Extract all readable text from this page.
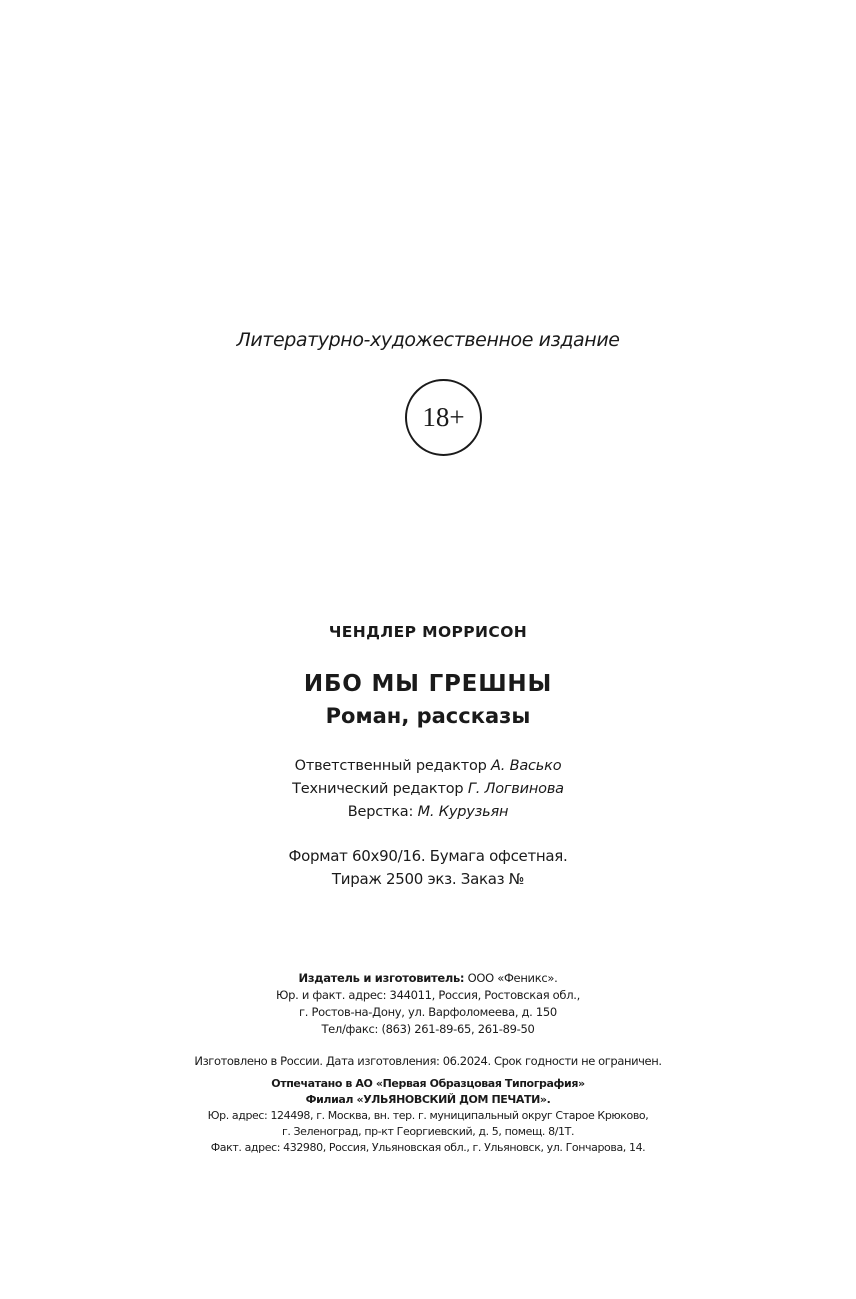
Литературно-художественное издание
18+
ЧЕНДЛЕР МОРРИСОН
ИБО МЫ ГРЕШНЫ
Роман, рассказы
Ответственный редактор А. Васько
Технический редактор Г. Логвинова
Верстка: М. Курузьян
Формат 60x90/16. Бумага офсетная.
Тираж 2500 экз. Заказ №
Издатель и изготовитель: ООО «Феникс».
Юр. и факт. адрес: 344011, Россия, Ростовская обл.,
г. Ростов-на-Дону, ул. Варфоломеева, д. 150
Тел/факс: (863) 261-89-65, 261-89-50
Изготовлено в России. Дата изготовления: 06.2024. Срок годности не ограничен.
Отпечатано в АО «Первая Образцовая Типография»
Филиал «УЛЬЯНОВСКИЙ ДОМ ПЕЧАТИ».
Юр. адрес: 124498, г. Москва, вн. тер. г. муниципальный округ Старое Крюково,
г. Зеленоград, пр-кт Георгиевский, д. 5, помещ. 8/1Т.
Факт. адрес: 432980, Россия, Ульяновская обл., г. Ульяновск, ул. Гончарова, 14.
